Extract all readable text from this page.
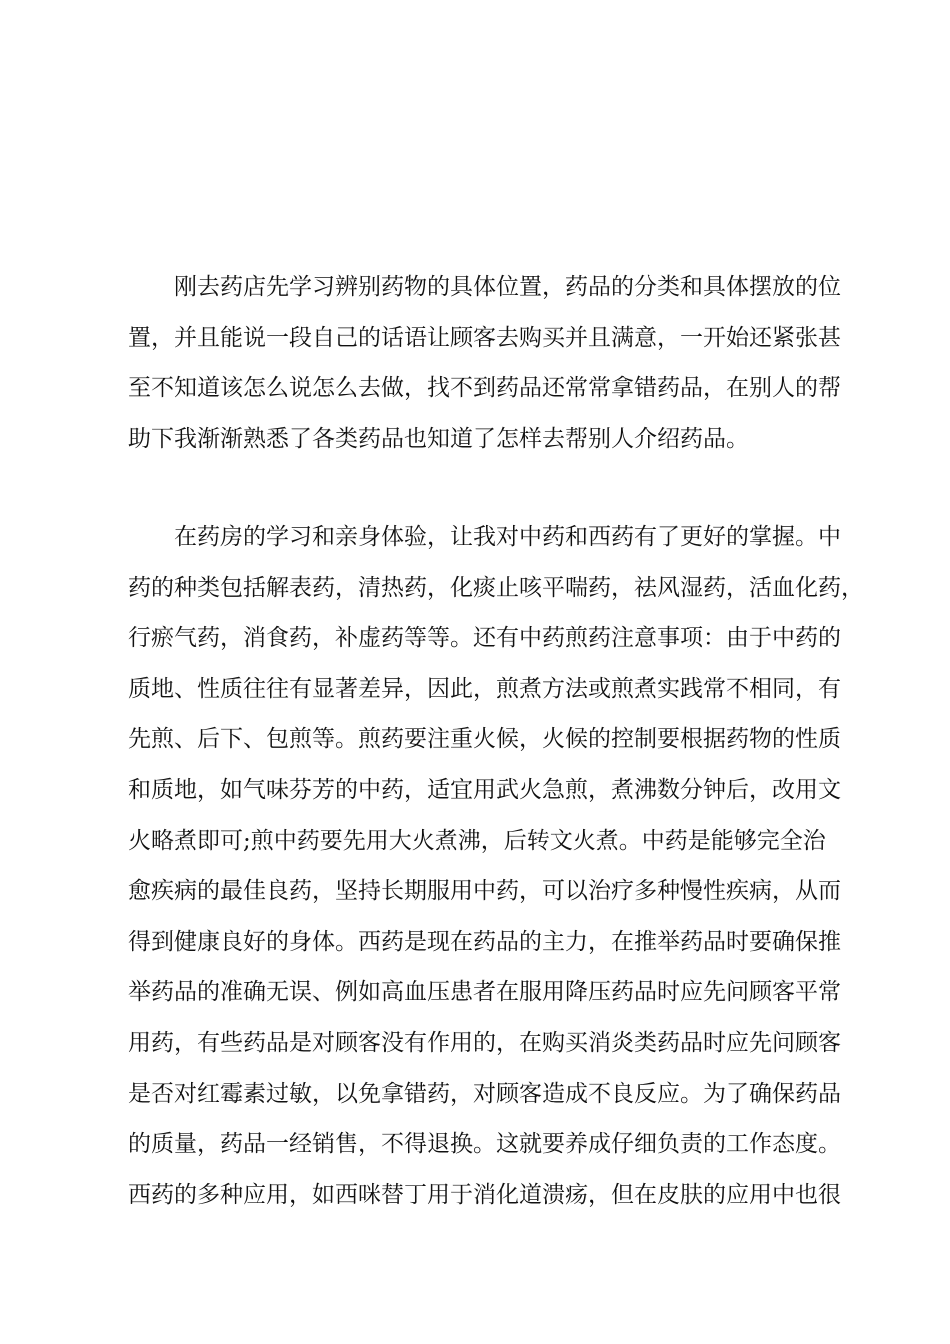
　　刚去药店先学习辨别药物的具体位置，药品的分类和具体摆放的位
置，并且能说一段自己的话语让顾客去购买并且满意，一开始还紧张甚
至不知道该怎么说怎么去做，找不到药品还常常拿错药品，在别人的帮
助下我渐渐熟悉了各类药品也知道了怎样去帮别人介绍药品。
　　在药房的学习和亲身体验，让我对中药和西药有了更好的掌握。中
药的种类包括解表药，清热药，化痰止咳平喘药，祛风湿药，活血化药，
行瘀气药，消食药，补虚药等等。还有中药煎药注意事项：由于中药的
质地、性质往往有显著差异，因此，煎煮方法或煎煮实践常不相同，有
先煎、后下、包煎等。煎药要注重火候，火候的控制要根据药物的性质
和质地，如气味芬芳的中药，适宜用武火急煎，煮沸数分钟后，改用文
火略煮即可;煎中药要先用大火煮沸，后转文火煮。中药是能够完全治
愈疾病的最佳良药，坚持长期服用中药，可以治疗多种慢性疾病，从而
得到健康良好的身体。西药是现在药品的主力，在推举药品时要确保推
举药品的准确无误、例如高血压患者在服用降压药品时应先问顾客平常
用药，有些药品是对顾客没有作用的，在购买消炎类药品时应先问顾客
是否对红霉素过敏，以免拿错药，对顾客造成不良反应。为了确保药品
的质量，药品一经销售，不得退换。这就要养成仔细负责的工作态度。
西药的多种应用，如西咪替丁用于消化道溃疡，但在皮肤的应用中也很
